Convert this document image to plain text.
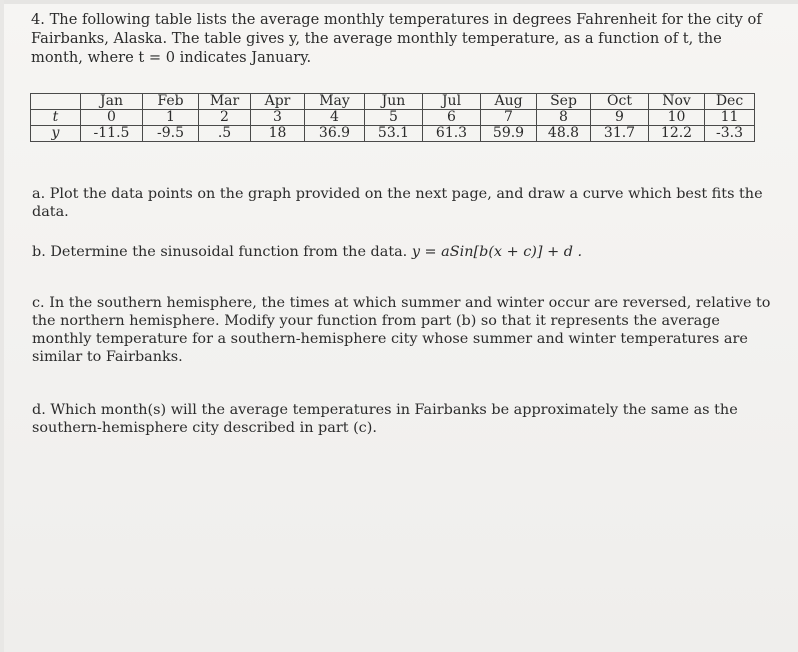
4. The following table lists the average monthly temperatures in degrees Fahrenheit for the city of Fairbanks, Alaska. The table gives y, the average monthly temperature, as a function of t, the month, where t = 0 indicates January.
	Jan	Feb	Mar	Apr	May	Jun	Jul	Aug	Sep	Oct	Nov	Dec
t	0	1	2	3	4	5	6	7	8	9	10	11
y	-11.5	-9.5	.5	18	36.9	53.1	61.3	59.9	48.8	31.7	12.2	-3.3
a. Plot the data points on the graph provided on the next page, and draw a curve which best fits the data.
b. Determine the sinusoidal function from the data. y = aSin[b(x + c)] + d .
c. In the southern hemisphere, the times at which summer and winter occur are reversed, relative to the northern hemisphere. Modify your function from part (b) so that it represents the average monthly temperature for a southern-hemisphere city whose summer and winter temperatures are similar to Fairbanks.
d. Which month(s) will the average temperatures in Fairbanks be approximately the same as the southern-hemisphere city described in part (c).
